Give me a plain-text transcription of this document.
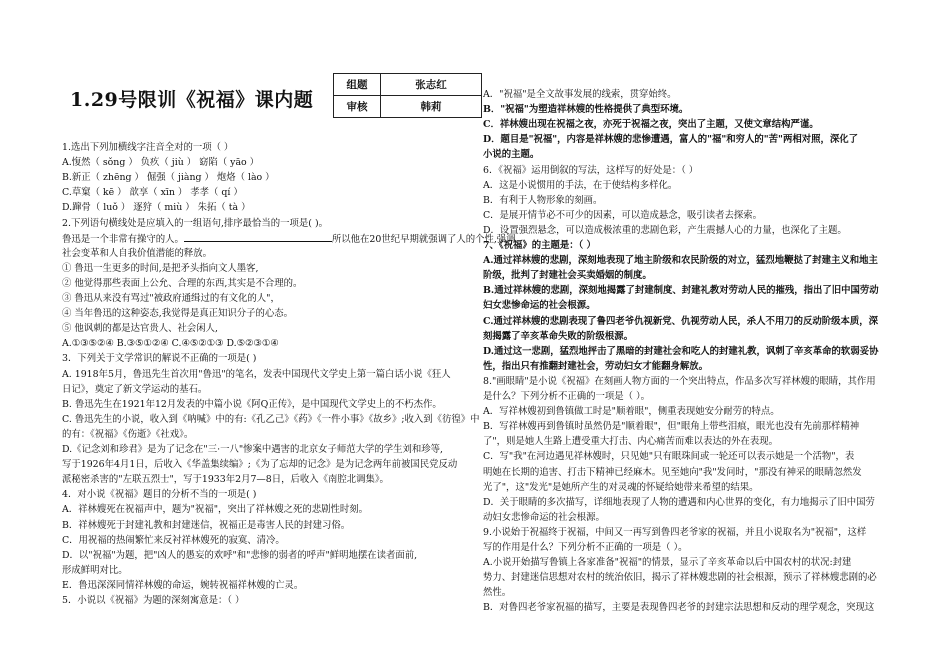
1.29号限训《祝福》课内题
组题	张志红
审核	韩莉
1.选出下列加横线字注音全对的一项（ ）
A.愎然（ sǒng ） 负疚（ jiù ） 窈陷（ yāo ）
B.新正（ zhēng ） 倔强（ jiàng ） 炮烙（ lào ）
C.草窠（ kē ） 歆享（ xīn ） 孝孝（ qí ）
D.蹿骨（ luǒ ） 逐狩（ miù ） 朱拓（ tà ）
2.下列语句横线处是应填入的一组语句,排序最恰当的一项是( )。
鲁迅是一个非常有操守的人。	所以他在20世纪早期就强调了人的个性,强调
社会变革和人自我价值潜能的释放。
① 鲁迅一生更多的时间,是把矛头指向文人墨客,
② 他觉得那些表面上公允、合理的东西,其实是不合理的。
③ 鲁迅从来没有骂过"被政府通缉过的有文化的人"，
④ 当年鲁迅的这种姿态,我觉得是真正知识分子的心态。
⑤ 他讽刺的都是达官贵人、社会闲人,
A.①③⑤②④ B.③⑤①②④ C.④⑤②①③ D.⑤②③①④
3．下列关于文学常识的解说不正确的一项是( )
A. 1918年5月，鲁迅先生首次用"鲁迅"的笔名，发表中国现代文学史上第一篇白话小说《狂人
日记》，奠定了新文学运动的基石。
B. 鲁迅先生在1921年12月发表的中篇小说《阿Q正传》，是中国现代文学史上的不朽杰作。
C. 鲁迅先生的小说，收入到《呐喊》中的有:《孔乙己》《药》《一件小事》《故乡》;收入到《彷徨》中
的有：《祝福》《伤逝》《社戏》。
D.《记念刘和珍君》是为了记念在"三·一八"惨案中遇害的北京女子师范大学的学生刘和珍等,
写于1926年4月1日，后收入《华盖集续编》;《为了忘却的记念》是为记念两年前被国民党反动
派秘密杀害的"左联五烈士"，写于1933年2月7—8日，后收入《南腔北调集》。
4．对小说《祝福》题目的分析不当的一项是( )
A．祥林嫂死在祝福声中，题为"祝福"，突出了祥林嫂之死的悲剧性时刻。
B．祥林嫂死于封建礼教和封建迷信，祝福正是毒害人民的封建习俗。
C．用祝福的热闹繁忙来反衬祥林嫂死的寂寞、清冷。
D．以"祝福"为题，把"凶人的愚妄的欢呼"和"悲惨的弱者的呼声"鲜明地摆在读者面前,
形成鲜明对比。
E．鲁迅深深同情祥林嫂的命运，婉转祝福祥林嫂的亡灵。
5．小说以《祝福》为题的深刻寓意是：（ ）
A．"祝福"是全文故事发展的线索，贯穿始终。
B．"祝福"为塑造祥林嫂的性格提供了典型环境。
C．祥林嫂出现在祝福之夜，亦死于祝福之夜，突出了主题，又使文章结构严谨。
D．题目是"祝福"，内容是祥林嫂的悲惨遭遇，富人的"福"和穷人的"苦"两相对照，深化了
小说的主题。
6．《祝福》运用倒叙的写法，这样写的好处是：（ ）
A．这是小说惯用的手法，在于使结构多样化。
B．有利于人物形象的刻画。
C．是展开情节必不可少的因素，可以造成悬念，吸引读者去探索。
D．设置强烈悬念，可以造成极浓重的悲剧色彩，产生震撼人心的力量，也深化了主题。
7、《祝福》的主题是：（ ）
A.通过祥林嫂的悲剧，深刻地表现了地主阶级和农民阶级的对立，猛烈地鞭挞了封建主义和地主
阶级，批判了封建社会买卖婚姻的制度。
B.通过祥林嫂的悲剧，深刻地揭露了封建制度、封建礼教对劳动人民的摧残，指出了旧中国劳动
妇女悲惨命运的社会根源。
C.通过祥林嫂的悲剧表现了鲁四老爷仇视新党、仇视劳动人民，杀人不用刀的反动阶级本质，深
刻揭露了辛亥革命失败的阶级根源。
D.通过这一悲剧，猛烈地抨击了黑暗的封建社会和吃人的封建礼教，讽刺了辛亥革命的软弱妥协
性，指出只有推翻封建社会，劳动妇女才能翻身解放。
8."画眼睛"是小说《祝福》在刻画人物方面的一个突出特点，作品多次写祥林嫂的眼睛，其作用
是什么？下列分析不正确的一项是（ ）。
A．写祥林嫂初到鲁镇做工时是"顺着眼"，侧重表现她安分耐劳的特点。
B．写祥林嫂再到鲁镇时虽然仍是"顺着眼"，但"眼角上带些泪痕，眼光也没有先前那样精神
了"，则是她人生路上遭受重大打击、内心痛苦而难以表达的外在表现。
C．写"我"在河边遇见祥林嫂时，只见她"只有眼珠间或一轮还可以表示她是一个活物"，表
明她在长期的追害、打击下精神已经麻木。见至她向"我"发问时，"那没有神采的眼睛忽然发
光了"，这"发光"是她所产生的对灵魂的怀疑给她带来希望的结果。
D．关于眼睛的多次描写，详细地表现了人物的遭遇和内心世界的变化，有力地揭示了旧中国劳
动妇女悲惨命运的社会根源。
9.小说始于祝福终于祝福，中间又一再写到鲁四老爷家的祝福，并且小说取名为"祝福"，这样
写的作用是什么？下列分析不正确的一项是（ ）。
A.小说开始描写鲁镇上各家准备"祝福"的情景，显示了辛亥革命以后中国农村的状况:封建
势力、封建迷信思想对农村的统治依旧，揭示了祥林嫂悲剧的社会根源，预示了祥林嫂悲剧的必
然性。
B．对鲁四老爷家祝福的描写，主要是表现鲁四老爷的封建宗法思想和反动的理学观念，突现这
